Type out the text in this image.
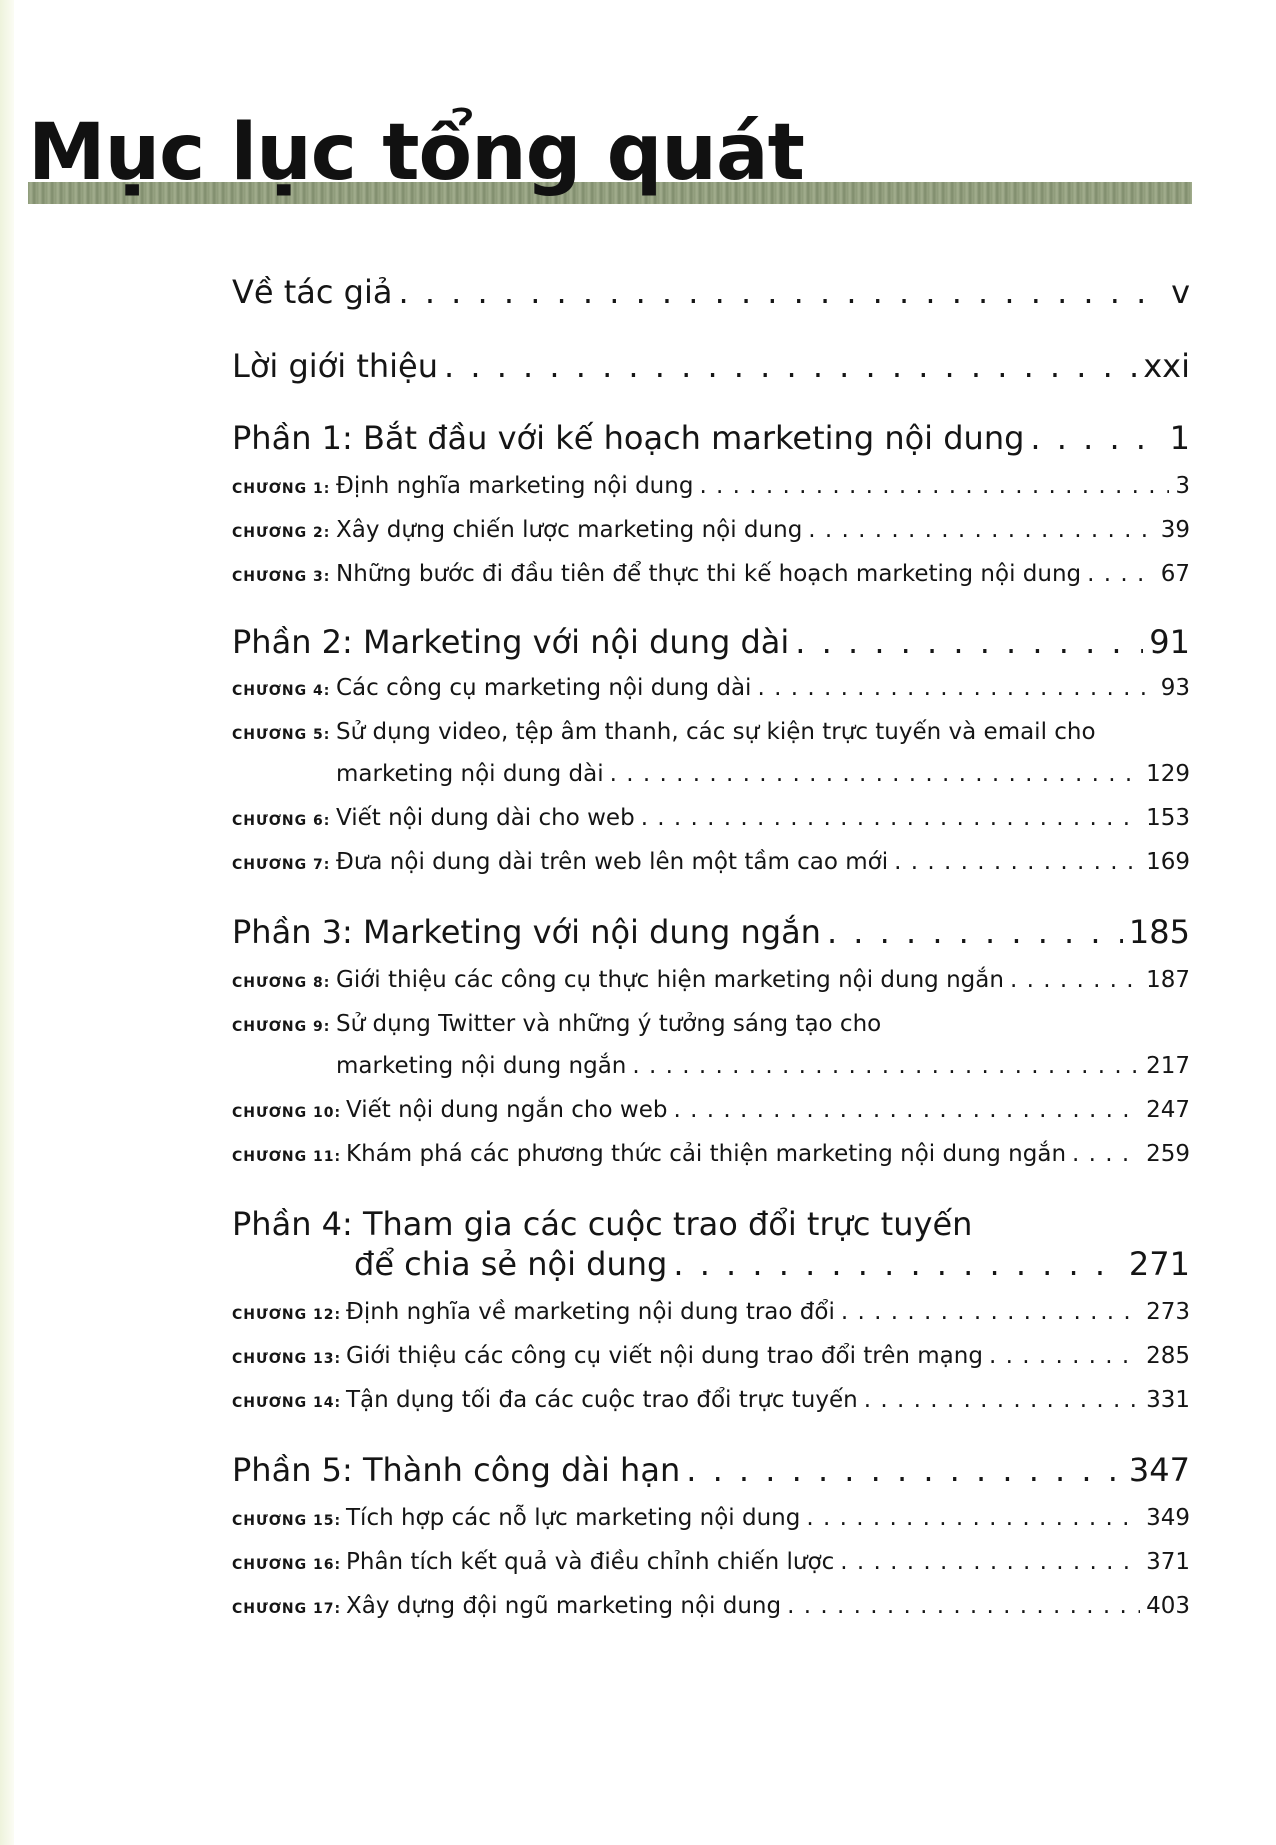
Mục lục tổng quát
Về tác giả . . .	v
Lời giới thiệu . . .	xxi
Phần 1: Bắt đầu với kế hoạch marketing nội dung . . .	1
CHƯƠNG 1: Định nghĩa marketing nội dung . . .	3
CHƯƠNG 2: Xây dựng chiến lược marketing nội dung . . .	39
CHƯƠNG 3: Những bước đi đầu tiên để thực thi kế hoạch marketing nội dung . . .	67
Phần 2: Marketing với nội dung dài . . .	91
CHƯƠNG 4: Các công cụ marketing nội dung dài . . .	93
CHƯƠNG 5: Sử dụng video, tệp âm thanh, các sự kiện trực tuyến và email cho
marketing nội dung dài . . .	129
CHƯƠNG 6: Viết nội dung dài cho web . . .	153
CHƯƠNG 7: Đưa nội dung dài trên web lên một tầm cao mới . . .	169
Phần 3: Marketing với nội dung ngắn . . .	185
CHƯƠNG 8: Giới thiệu các công cụ thực hiện marketing nội dung ngắn . . .	187
CHƯƠNG 9: Sử dụng Twitter và những ý tưởng sáng tạo cho
marketing nội dung ngắn . . .	217
CHƯƠNG 10: Viết nội dung ngắn cho web . . .	247
CHƯƠNG 11: Khám phá các phương thức cải thiện marketing nội dung ngắn . . .	259
Phần 4: Tham gia các cuộc trao đổi trực tuyến
để chia sẻ nội dung . . .	271
CHƯƠNG 12: Định nghĩa về marketing nội dung trao đổi . . .	273
CHƯƠNG 13: Giới thiệu các công cụ viết nội dung trao đổi trên mạng . . .	285
CHƯƠNG 14: Tận dụng tối đa các cuộc trao đổi trực tuyến . . .	331
Phần 5: Thành công dài hạn . . .	347
CHƯƠNG 15: Tích hợp các nỗ lực marketing nội dung . . .	349
CHƯƠNG 16: Phân tích kết quả và điều chỉnh chiến lược . . .	371
CHƯƠNG 17: Xây dựng đội ngũ marketing nội dung . . .	403
